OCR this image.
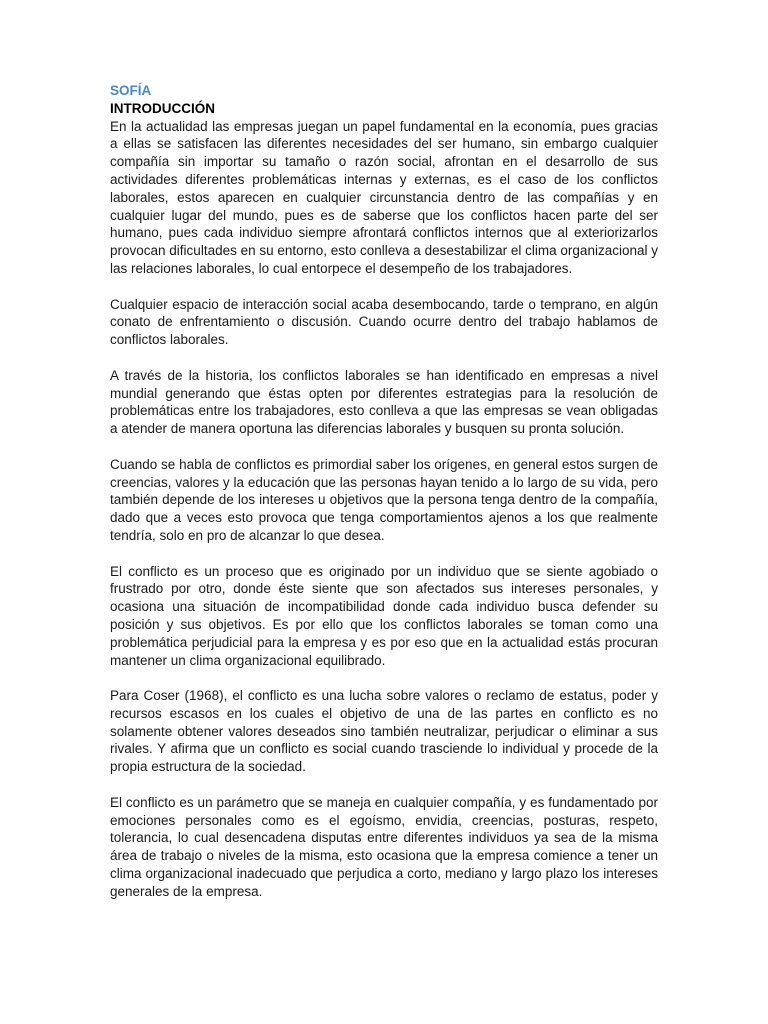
SOFÍA

INTRODUCCIÓN

En la actualidad las empresas juegan un papel fundamental en la economía, pues gracias a ellas se satisfacen las diferentes necesidades del ser humano, sin embargo cualquier compañía sin importar su tamaño o razón social, afrontan en el desarrollo de sus actividades diferentes problemáticas internas y externas, es el caso de los conflictos laborales, estos aparecen en cualquier circunstancia dentro de las compañías y en cualquier lugar del mundo, pues es de saberse que los conflictos hacen parte del ser humano, pues cada individuo siempre afrontará conflictos internos que al exteriorizarlos provocan dificultades en su entorno, esto conlleva a desestabilizar el clima organizacional y las relaciones laborales, lo cual entorpece el desempeño de los trabajadores.

Cualquier espacio de interacción social acaba desembocando, tarde o temprano, en algún conato de enfrentamiento o discusión. Cuando ocurre dentro del trabajo hablamos de conflictos laborales.

A través de la historia, los conflictos laborales se han identificado en empresas a nivel mundial generando que éstas opten por diferentes estrategias para la resolución de problemáticas entre los trabajadores, esto conlleva a que las empresas se vean obligadas a atender de manera oportuna las diferencias laborales y busquen su pronta solución.

Cuando se habla de conflictos es primordial saber los orígenes, en general estos surgen de creencias, valores y la educación que las personas hayan tenido a lo largo de su vida, pero también depende de los intereses u objetivos que la persona tenga dentro de la compañía, dado que a veces esto provoca que tenga comportamientos ajenos a los que realmente tendría, solo en pro de alcanzar lo que desea.

El conflicto es un proceso que es originado por un individuo que se siente agobiado o frustrado por otro, donde éste siente que son afectados sus intereses personales, y ocasiona una situación de incompatibilidad donde cada individuo busca defender su posición y sus objetivos. Es por ello que los conflictos laborales se toman como una problemática perjudicial para la empresa y es por eso que en la actualidad estás procuran mantener un clima organizacional equilibrado.

Para Coser (1968), el conflicto es una lucha sobre valores o reclamo de estatus, poder y recursos escasos en los cuales el objetivo de una de las partes en conflicto es no solamente obtener valores deseados sino también neutralizar, perjudicar o eliminar a sus rivales. Y afirma que un conflicto es social cuando trasciende lo individual y procede de la propia estructura de la sociedad.

El conflicto es un parámetro que se maneja en cualquier compañía, y es fundamentado por emociones personales como es el egoísmo, envidia, creencias, posturas, respeto, tolerancia, lo cual desencadena disputas entre diferentes individuos ya sea de la misma área de trabajo o niveles de la misma, esto ocasiona que la empresa comience a tener un clima organizacional inadecuado que perjudica a corto, mediano y largo plazo los intereses generales de la empresa.
